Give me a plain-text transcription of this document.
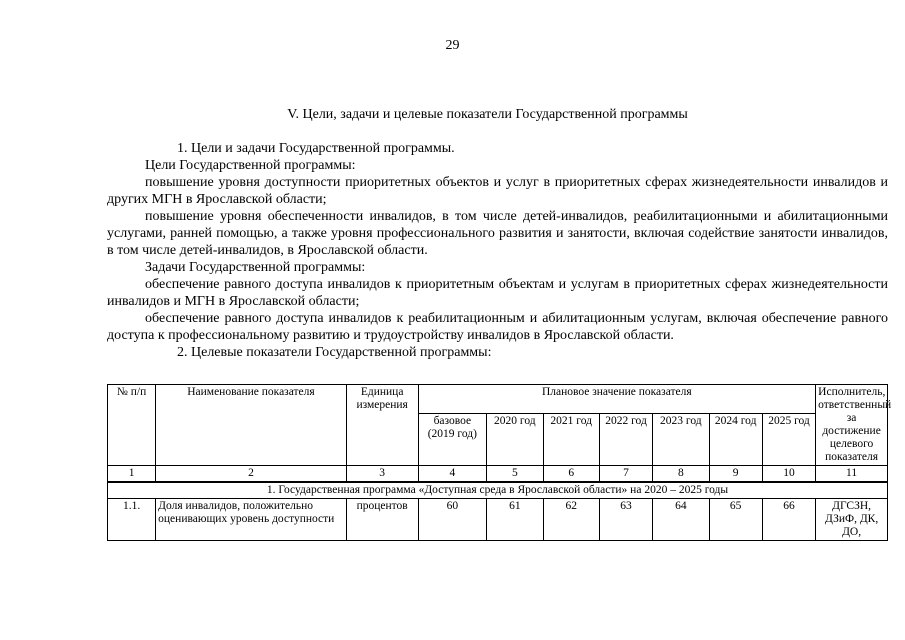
29
V. Цели, задачи и целевые показатели Государственной программы

1. Цели и задачи Государственной программы.

Цели Государственной программы:

повышение уровня доступности приоритетных объектов и услуг в приоритетных сферах жизнедеятельности инвалидов и других МГН в Ярославской области;

повышение уровня обеспеченности инвалидов, в том числе детей-инвалидов, реабилитационными и абилитационными услугами, ранней помощью, а также уровня профессионального развития и занятости, включая содействие занятости инвалидов, в том числе детей-инвалидов, в Ярославской области.

Задачи Государственной программы:

обеспечение равного доступа инвалидов к приоритетным объектам и услугам в приоритетных сферах жизнедеятельности инвалидов и МГН в Ярославской области;

обеспечение равного доступа инвалидов к реабилитационным и абилитационным услугам, включая обеспечение равного доступа к профессиональному развитию и трудоустройству инвалидов в Ярославской области.

2. Целевые показатели Государственной программы:

№ п/п	Наименование показателя	Единица измерения	Плановое значение показателя							Исполнитель, ответственный за достижение целевого показателя
			базовое (2019 год)	2020 год	2021 год	2022 год	2023 год	2024 год	2025 год	
1	2	3	4	5	6	7	8	9	10	11
1. Государственная программа «Доступная среда в Ярославской области» на 2020 – 2025 годы										
1.1.	Доля инвалидов, положительно оценивающих уровень доступности	процентов	60	61	62	63	64	65	66	ДГСЗН, ДЗиФ, ДК, ДО,
